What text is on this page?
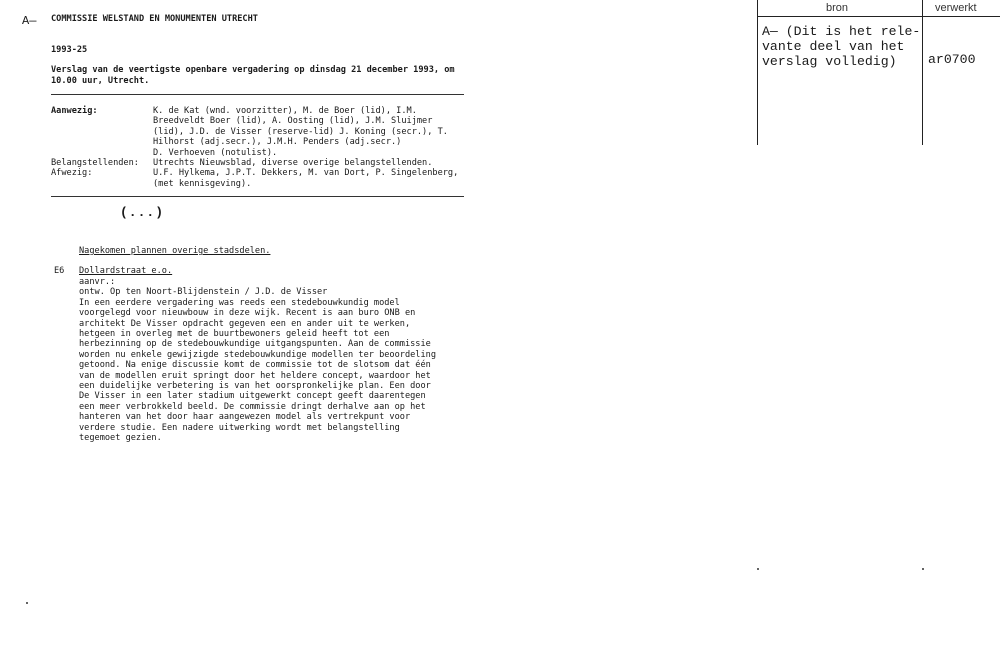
A— COMMISSIE WELSTAND EN MONUMENTEN UTRECHT
1993-25
Verslag van de veertigste openbare vergadering op dinsdag 21 december 1993, om
10.00 uur, Utrecht.
Aanwezig:	K. de Kat (wnd. voorzitter), M. de Boer (lid), I.M.
Breedveldt Boer (lid), A. Oosting (lid), J.M. Sluijmer
(lid), J.D. de Visser (reserve-lid) J. Koning (secr.), T.
Hilhorst (adj.secr.), J.M.H. Penders (adj.secr.)
D. Verhoeven (notulist).
Belangstellenden: Utrechts Nieuwsblad, diverse overige belangstellenden.
Afwezig:	U.F. Hylkema, J.P.T. Dekkers, M. van Dort, P. Singelenberg,
(met kennisgeving).
(...)
Nagekomen plannen overige stadsdelen.
E6 Dollardstraat e.o.
aanvr.:
ontw. Op ten Noort-Blijdenstein / J.D. de Visser
In een eerdere vergadering was reeds een stedebouwkundig model
voorgelegd voor nieuwbouw in deze wijk. Recent is aan buro ONB en
architekt De Visser opdracht gegeven een en ander uit te werken,
hetgeen in overleg met de buurtbewoners geleid heeft tot een
herbezinning op de stedebouwkundige uitgangspunten. Aan de commissie
worden nu enkele gewijzigde stedebouwkundige modellen ter beoordeling
getoond. Na enige discussie komt de commissie tot de slotsom dat één
van de modellen eruit springt door het heldere concept, waardoor het
een duidelijke verbetering is van het oorspronkelijke plan. Een door
De Visser in een later stadium uitgewerkt concept geeft daarentegen
een meer verbrokkeld beeld. De commissie dringt derhalve aan op het
hanteren van het door haar aangewezen model als vertrekpunt voor
verdere studie. Een nadere uitwerking wordt met belangstelling
tegemoet gezien.
bron	verwerkt
A— (Dit is het rele-
vante deel van het
verslag volledig) ar0700
